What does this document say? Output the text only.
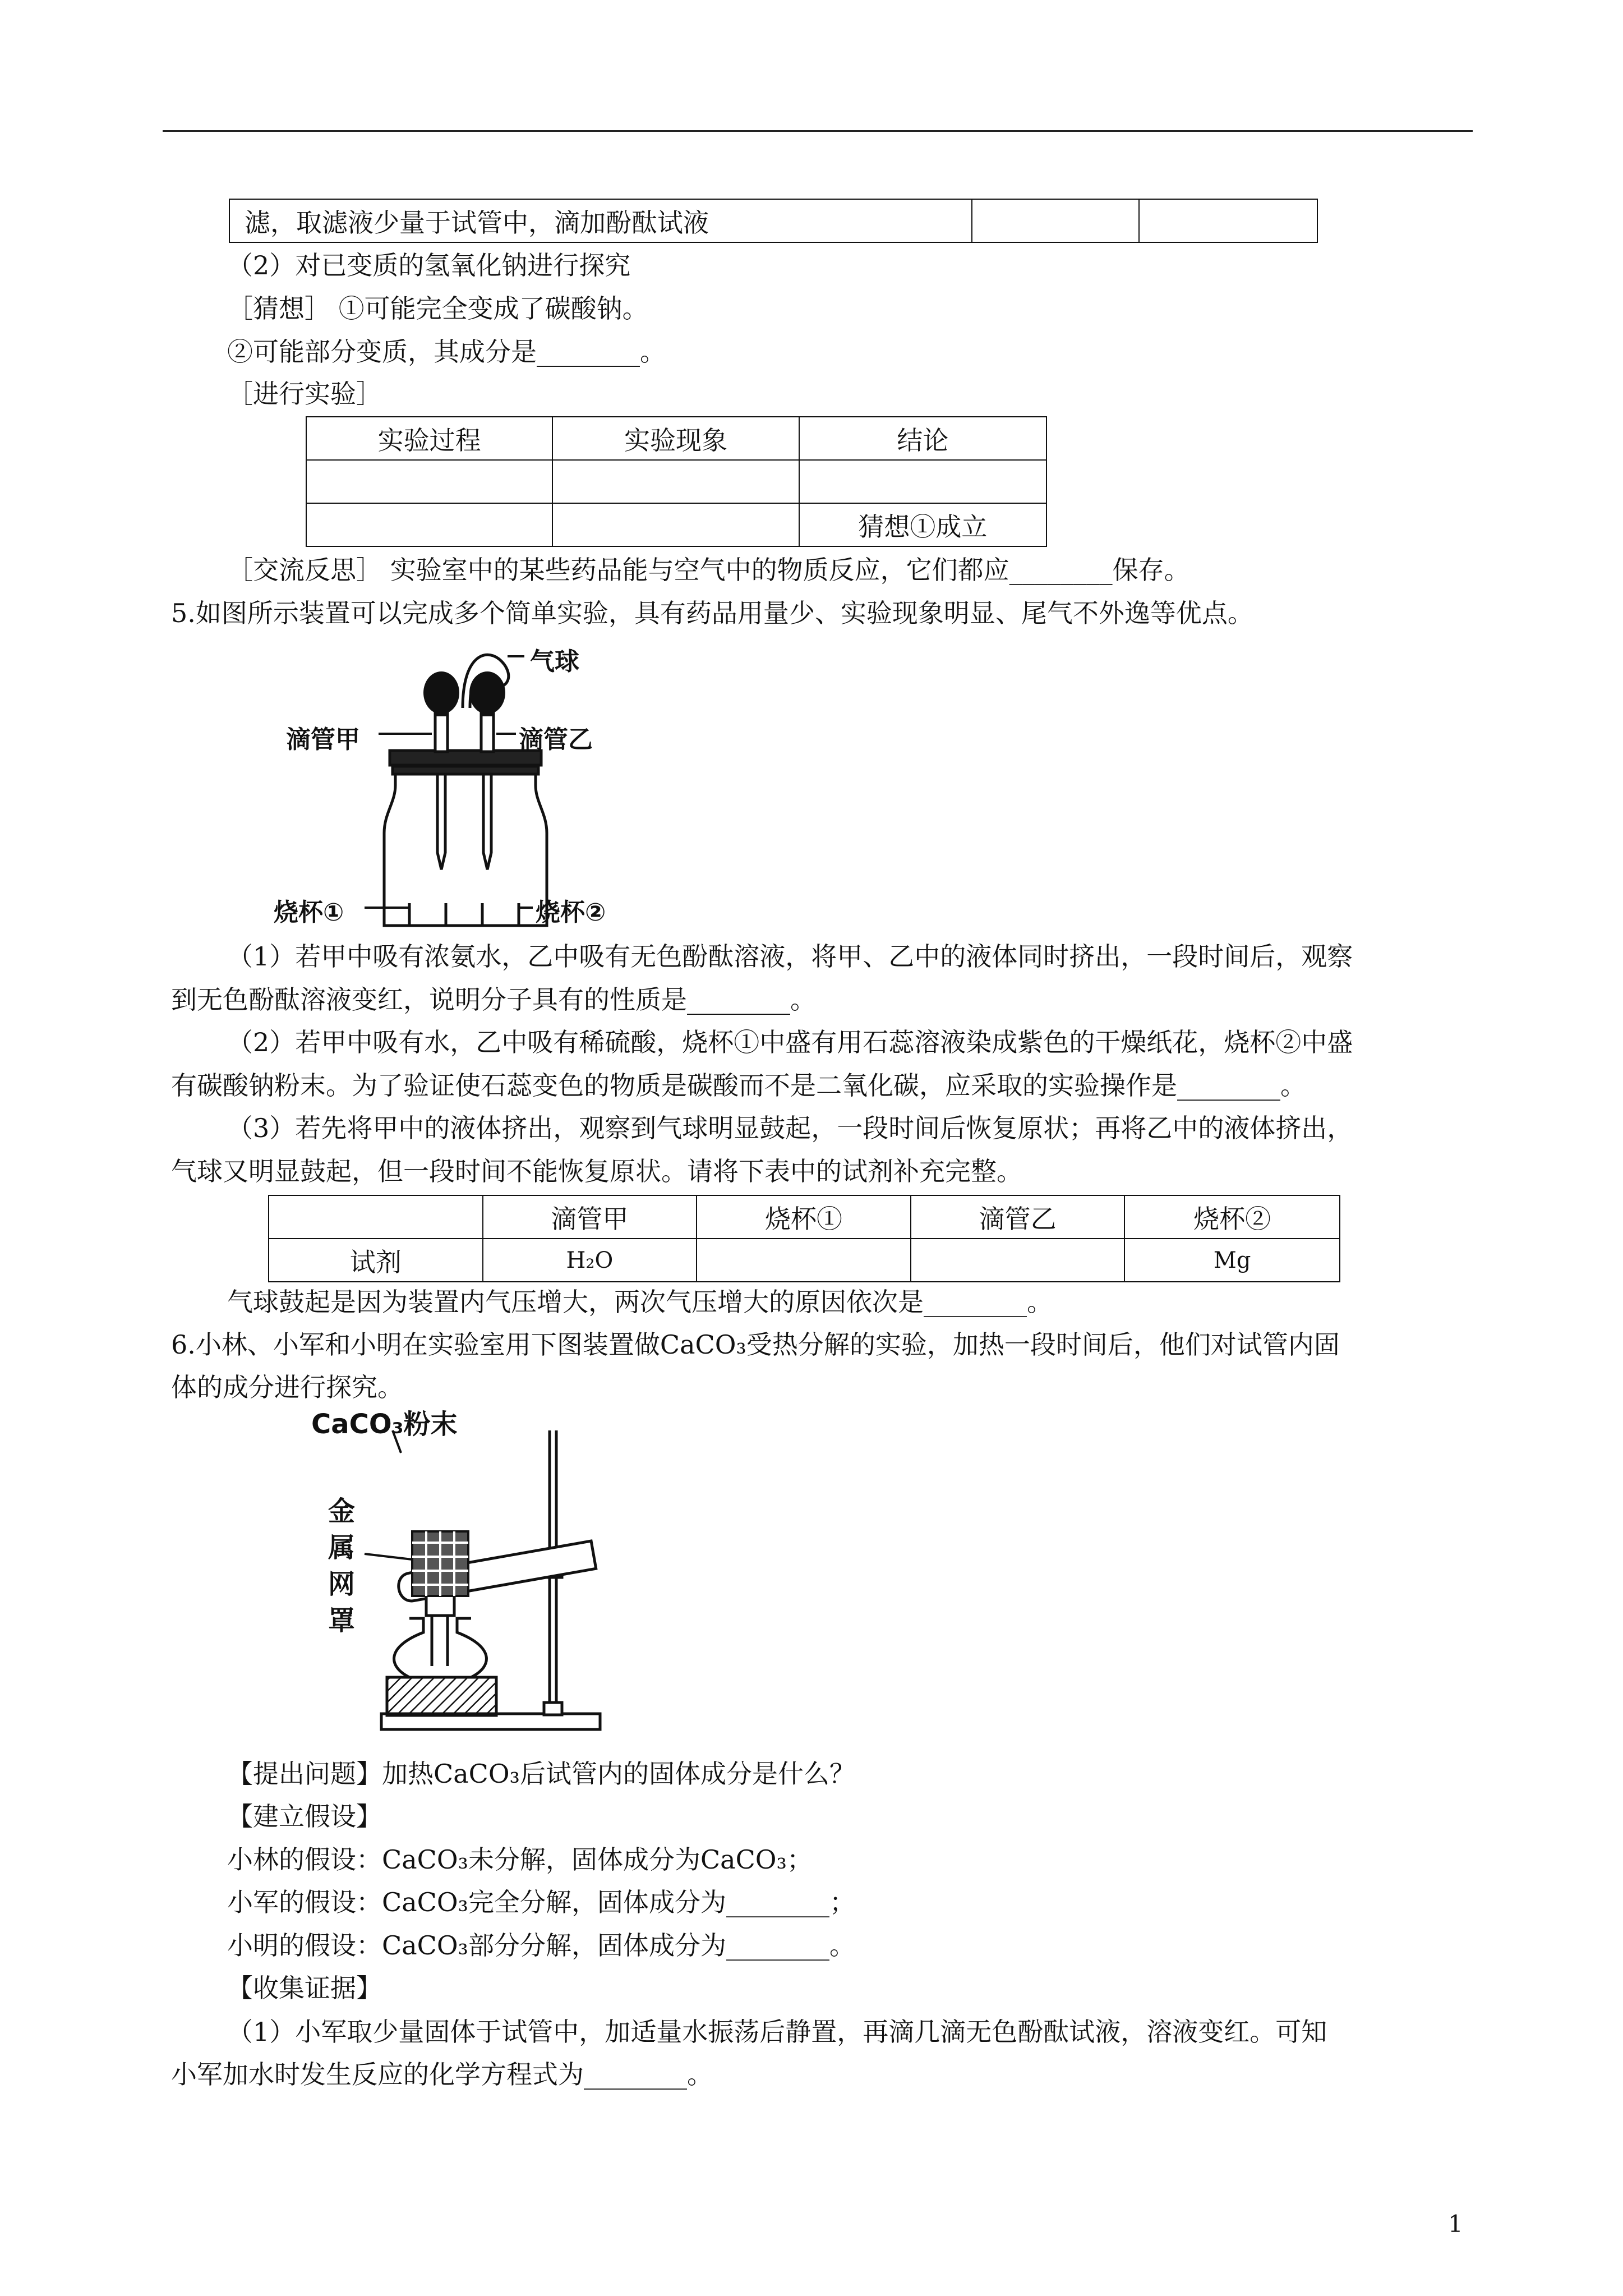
滤，取滤液少量于试管中，滴加酚酞试液		
（2）对已变质的氢氧化钠进行探究
［猜想］ ①可能完全变成了碳酸钠。
②可能部分变质，其成分是________。
［进行实验］
实验过程	实验现象	结论

		猜想①成立
［交流反思］ 实验室中的某些药品能与空气中的物质反应，它们都应________保存。
5.如图所示装置可以完成多个简单实验，具有药品用量少、实验现象明显、尾气不外逸等优点。
气球
滴管甲	滴管乙
烧杯①	烧杯②
（1）若甲中吸有浓氨水，乙中吸有无色酚酞溶液，将甲、乙中的液体同时挤出，一段时间后，观察
到无色酚酞溶液变红，说明分子具有的性质是________。
（2）若甲中吸有水，乙中吸有稀硫酸，烧杯①中盛有用石蕊溶液染成紫色的干燥纸花，烧杯②中盛
有碳酸钠粉末。为了验证使石蕊变色的物质是碳酸而不是二氧化碳，应采取的实验操作是________。
（3）若先将甲中的液体挤出，观察到气球明显鼓起，一段时间后恢复原状；再将乙中的液体挤出，
气球又明显鼓起，但一段时间不能恢复原状。请将下表中的试剂补充完整。
	滴管甲	烧杯①	滴管乙	烧杯②
试剂	H₂O			Mg
气球鼓起是因为装置内气压增大，两次气压增大的原因依次是________。
6.小林、小军和小明在实验室用下图装置做CaCO₃受热分解的实验，加热一段时间后，他们对试管内固
体的成分进行探究。
CaCO₃粉末
金
属
网
罩
【提出问题】加热CaCO₃后试管内的固体成分是什么？
【建立假设】
小林的假设：CaCO₃未分解，固体成分为CaCO₃；
小军的假设：CaCO₃完全分解，固体成分为________；
小明的假设：CaCO₃部分分解，固体成分为________。
【收集证据】
（1）小军取少量固体于试管中，加适量水振荡后静置，再滴几滴无色酚酞试液，溶液变红。可知
小军加水时发生反应的化学方程式为________。
1
